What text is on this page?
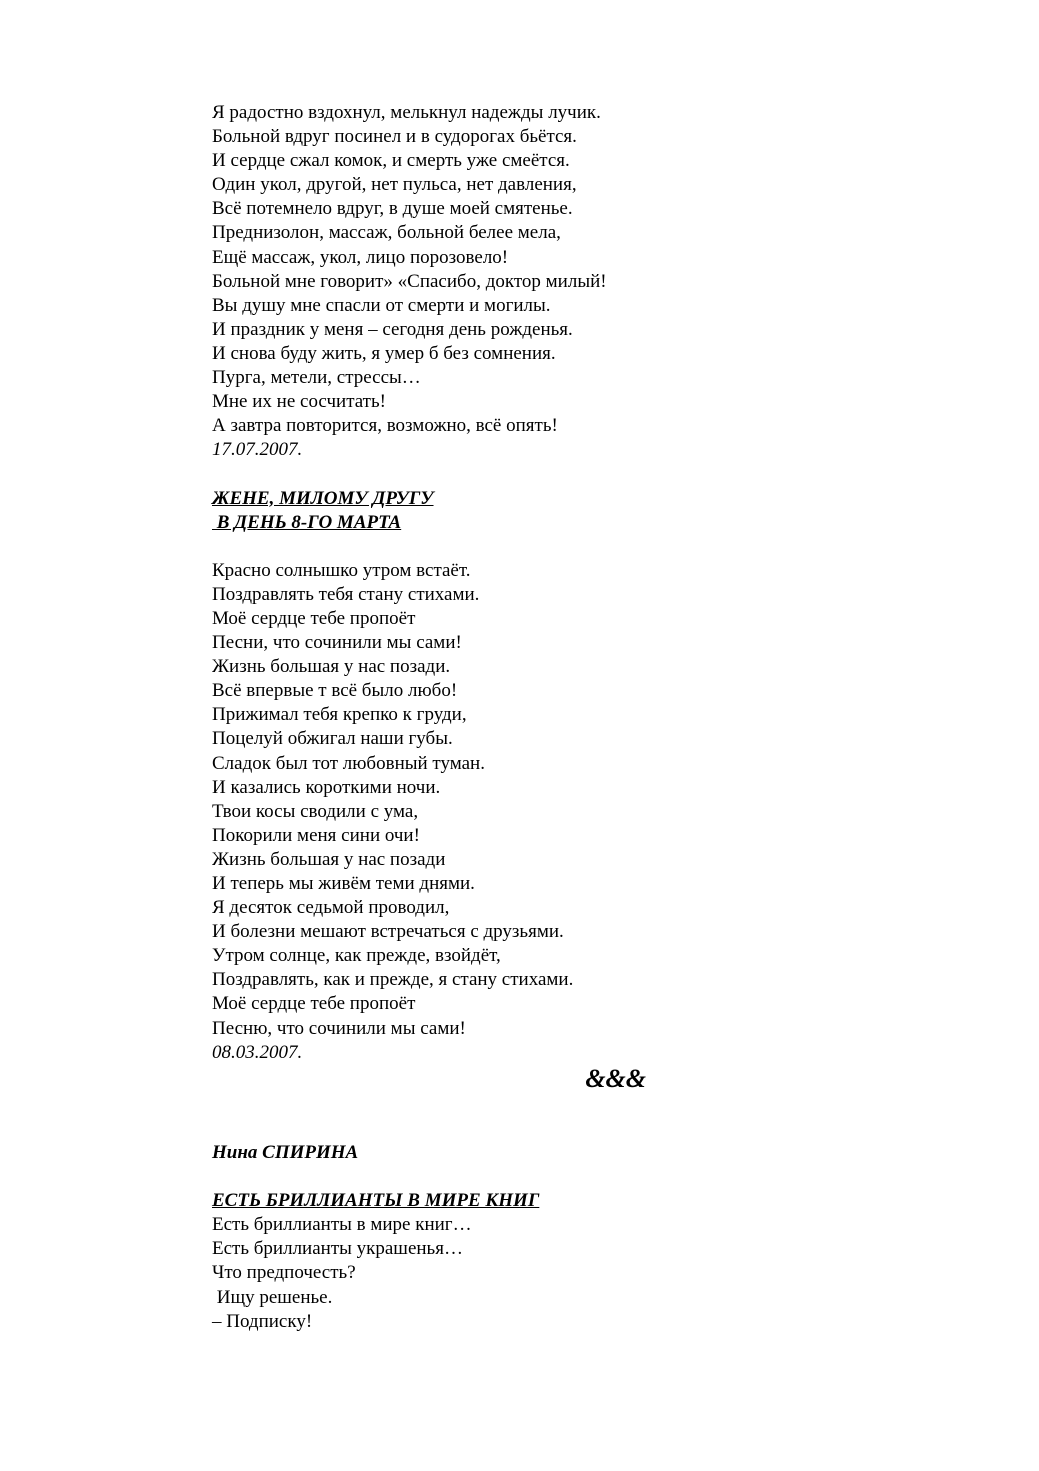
Я радостно вздохнул, мелькнул надежды лучик.
Больной вдруг посинел и в судорогах бьётся.
И сердце сжал комок, и смерть уже смеётся.
Один укол, другой, нет пульса, нет давления,
Всё потемнело вдруг, в душе моей смятенье.
Преднизолон, массаж, больной белее мела,
Ещё массаж, укол, лицо порозовело!
Больной мне говорит» «Спасибо, доктор милый!
Вы душу мне спасли от смерти и могилы.
И праздник у меня – сегодня день рожденья.
И снова буду жить, я умер б без сомнения.
Пурга, метели, стрессы…
Мне их не сосчитать!
А завтра повторится, возможно, всё опять!
17.07.2007.
ЖЕНЕ, МИЛОМУ ДРУГУ
В ДЕНЬ 8-ГО МАРТА
Красно солнышко утром встаёт.
Поздравлять тебя стану стихами.
Моё сердце тебе пропоёт
Песни, что сочинили мы сами!
Жизнь большая у нас позади.
Всё впервые т всё было любо!
Прижимал тебя крепко к груди,
Поцелуй обжигал наши губы.
Сладок был тот любовный туман.
И казались короткими ночи.
Твои косы сводили с ума,
Покорили меня сини очи!
Жизнь большая у нас позади
И теперь мы живём теми днями.
Я десяток седьмой проводил,
И болезни мешают встречаться с друзьями.
Утром солнце, как прежде, взойдёт,
Поздравлять, как и прежде, я стану стихами.
Моё сердце тебе пропоёт
Песню, что сочинили мы сами!
08.03.2007.
&&&
Нина СПИРИНА
ЕСТЬ БРИЛЛИАНТЫ В МИРЕ КНИГ
Есть бриллианты в мире книг…
Есть бриллианты украшенья…
Что предпочесть?
Ищу решенье.
– Подписку!
